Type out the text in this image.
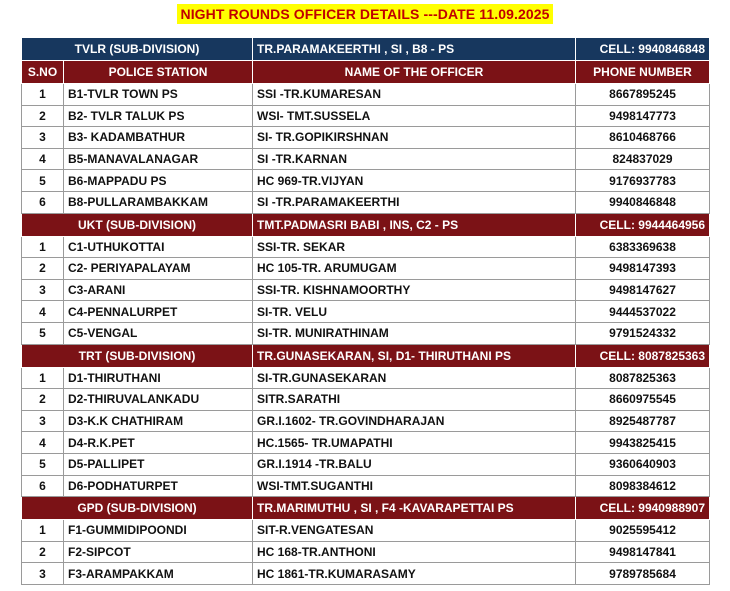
NIGHT ROUNDS OFFICER DETAILS ---DATE 11.09.2025
TVLR (SUB-DIVISION)		TR.PARAMAKEERTHI , SI , B8 - PS	CELL: 9940846848
S.NO	POLICE STATION	NAME OF THE OFFICER	PHONE NUMBER
1	B1-TVLR TOWN PS	SSI -TR.KUMARESAN	8667895245
2	B2- TVLR TALUK PS	WSI- TMT.SUSSELA	9498147773
3	B3- KADAMBATHUR	SI- TR.GOPIKIRSHNAN	8610468766
4	B5-MANAVALANAGAR	SI -TR.KARNAN	824837029
5	B6-MAPPADU PS	HC 969-TR.VIJYAN	9176937783
6	B8-PULLARAMBAKKAM	SI -TR.PARAMAKEERTHI	9940846848
UKT (SUB-DIVISION)		TMT.PADMASRI BABI , INS, C2 - PS	CELL: 9944464956
1	C1-UTHUKOTTAI	SSI-TR. SEKAR	6383369638
2	C2- PERIYAPALAYAM	HC 105-TR. ARUMUGAM	9498147393
3	C3-ARANI	SSI-TR. KISHNAMOORTHY	9498147627
4	C4-PENNALURPET	SI-TR. VELU	9444537022
5	C5-VENGAL	SI-TR. MUNIRATHINAM	9791524332
TRT (SUB-DIVISION)		TR.GUNASEKARAN, SI, D1- THIRUTHANI PS	CELL: 8087825363
1	D1-THIRUTHANI	SI-TR.GUNASEKARAN	8087825363
2	D2-THIRUVALANKADU	SITR.SARATHI	8660975545
3	D3-K.K CHATHIRAM	GR.I.1602- TR.GOVINDHARAJAN	8925487787
4	D4-R.K.PET	HC.1565- TR.UMAPATHI	9943825415
5	D5-PALLIPET	GR.I.1914 -TR.BALU	9360640903
6	D6-PODHATURPET	WSI-TMT.SUGANTHI	8098384612
GPD (SUB-DIVISION)		TR.MARIMUTHU , SI , F4 -KAVARAPETTAI PS	CELL: 9940988907
1	F1-GUMMIDIPOONDI	SIT-R.VENGATESAN	9025595412
2	F2-SIPCOT	HC 168-TR.ANTHONI	9498147841
3	F3-ARAMPAKKAM	HC 1861-TR.KUMARASAMY	9789785684
